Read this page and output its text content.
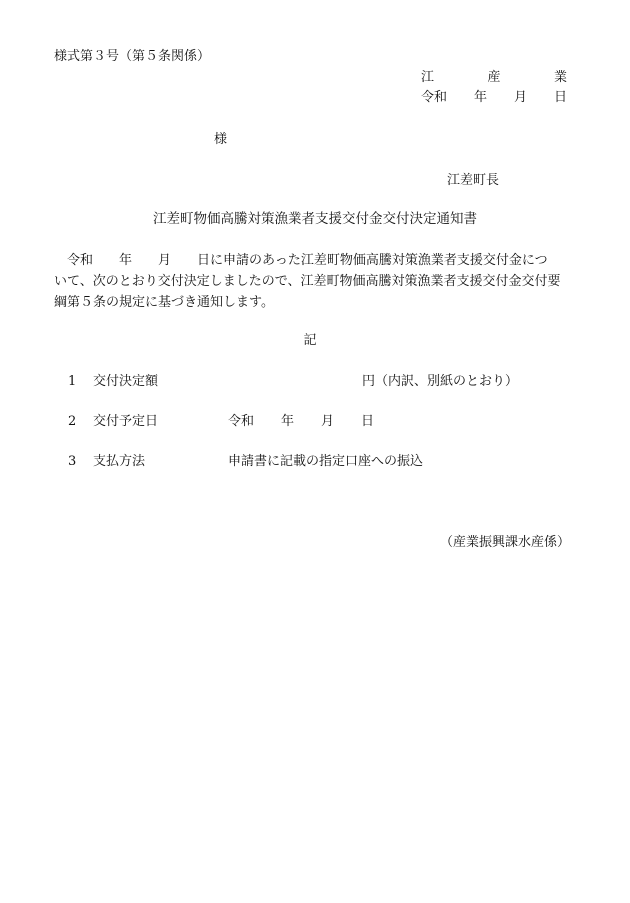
様式第３号（第５条関係）
江	産	業
令和 年 月 日
様
江差町長
江差町物価高騰対策漁業者支援交付金交付決定通知書

　令和　　年　　月　　日に申請のあった江差町物価高騰対策漁業者支援交付金につ

いて、次のとおり交付決定しましたので、江差町物価高騰対策漁業者支援交付金交付要

綱第５条の規定に基づき通知します。

記
1 交付決定額	円（内訳、別紙のとおり）
2 交付予定日	令和 年 月 日
3 支払方法	申請書に記載の指定口座への振込
（産業振興課水産係）
